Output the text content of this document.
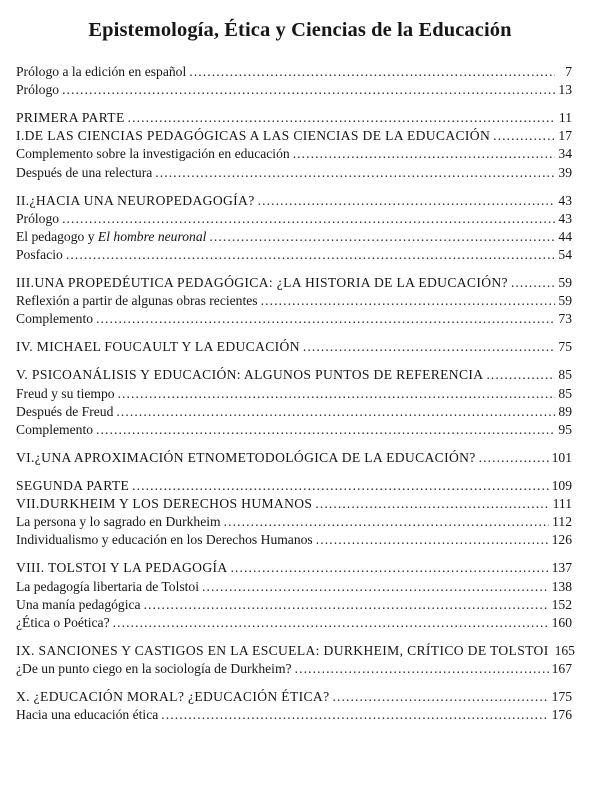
Epistemología, Ética y Ciencias de la Educación
Prólogo a la edición en español .....	7
Prólogo .....	13
PRIMERA PARTE .....	11
I.DE LAS CIENCIAS PEDAGÓGICAS A LAS CIENCIAS DE LA EDUCACIÓN .....	17
Complemento sobre la investigación en educación .....	34
Después de una relectura .....	39
II.¿HACIA UNA NEUROPEDAGOGÍA? .....	43
Prólogo .....	43
El pedagogo y El hombre neuronal .....	44
Posfacio .....	54
III.UNA PROPEDÉUTICA PEDAGÓGICA: ¿LA HISTORIA DE LA EDUCACIÓN? .....	59
Reflexión a partir de algunas obras recientes .....	59
Complemento .....	73
IV. MICHAEL FOUCAULT Y LA EDUCACIÓN .....	75
V. PSICOANÁLISIS Y EDUCACIÓN: ALGUNOS PUNTOS DE REFERENCIA .....	85
Freud y su tiempo .....	85
Después de Freud .....	89
Complemento .....	95
VI.¿UNA APROXIMACIÓN ETNOMETODOLÓGICA DE LA EDUCACIÓN? .....	101
SEGUNDA PARTE .....	109
VII.DURKHEIM Y LOS DERECHOS HUMANOS .....	111
La persona y lo sagrado en Durkheim .....	112
Individualismo y educación en los Derechos Humanos .....	126
VIII. TOLSTOI Y LA PEDAGOGÍA .....	137
La pedagogía libertaria de Tolstoi .....	138
Una manía pedagógica .....	152
¿Ética o Poética? .....	160
IX. SANCIONES Y CASTIGOS EN LA ESCUELA: DURKHEIM, CRÍTICO DE TOLSTOI 165
¿De un punto ciego en la sociología de Durkheim? .....	167
X. ¿EDUCACIÓN MORAL? ¿EDUCACIÓN ÉTICA? .....	175
Hacia una educación ética .....	176
